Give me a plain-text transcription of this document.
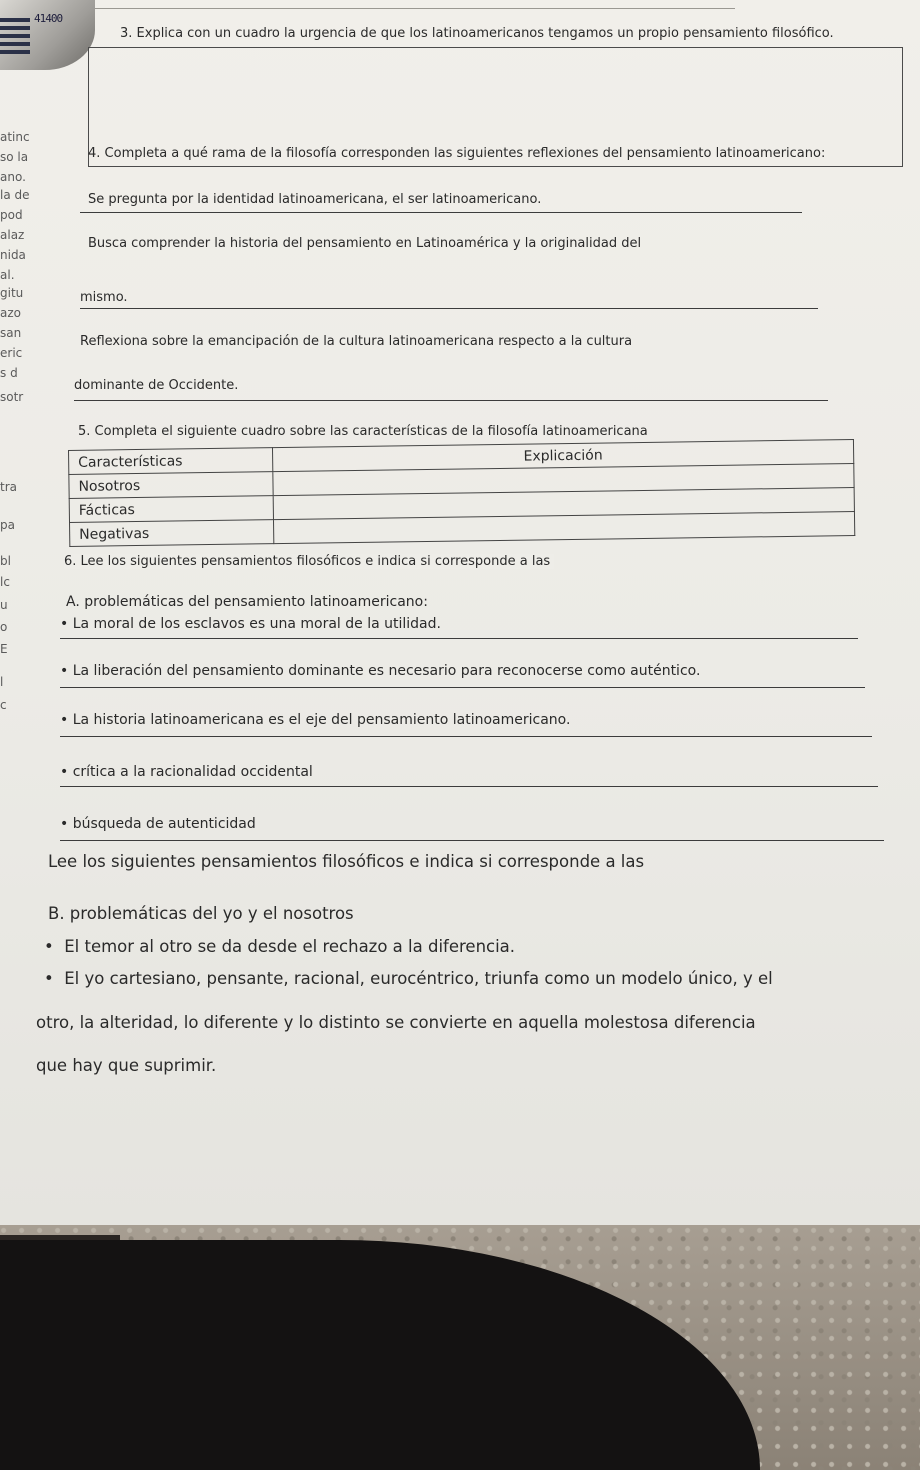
41400
atinc
so la
ano.
la de
pod
alaz
nida
al.
gitu
azo
san
eric
s d
sotr
tra
pa
bl
lc
u
o
E
l
c
3. Explica con un cuadro la urgencia de que los latinoamericanos tengamos un propio pensamiento filosófico.
4. Completa a qué rama de la filosofía corresponden las siguientes reflexiones del pensamiento latinoamericano:
Se pregunta por la identidad latinoamericana, el ser latinoamericano.
Busca comprender la historia del pensamiento en Latinoamérica y la originalidad del
mismo.
Reflexiona sobre la emancipación de la cultura latinoamericana respecto a la cultura
dominante de Occidente.
5. Completa el siguiente cuadro sobre las características de la filosofía latinoamericana
Características	Explicación
Nosotros	
Fácticas	
Negativas	
6. Lee los siguientes pensamientos filosóficos e indica si corresponde a las
A. problemáticas del pensamiento latinoamericano:
• La moral de los esclavos es una moral de la utilidad.
• La liberación del pensamiento dominante es necesario para reconocerse como auténtico.
• La historia latinoamericana es el eje del pensamiento latinoamericano.
• crítica a la racionalidad occidental
• búsqueda de autenticidad
Lee los siguientes pensamientos filosóficos e indica si corresponde a las
B. problemáticas del yo y el nosotros
•  El temor al otro se da desde el rechazo a la diferencia.
•  El yo cartesiano, pensante, racional, eurocéntrico, triunfa como un modelo único, y el
otro, la alteridad, lo diferente y lo distinto se convierte en aquella molestosa diferencia
que hay que suprimir.
